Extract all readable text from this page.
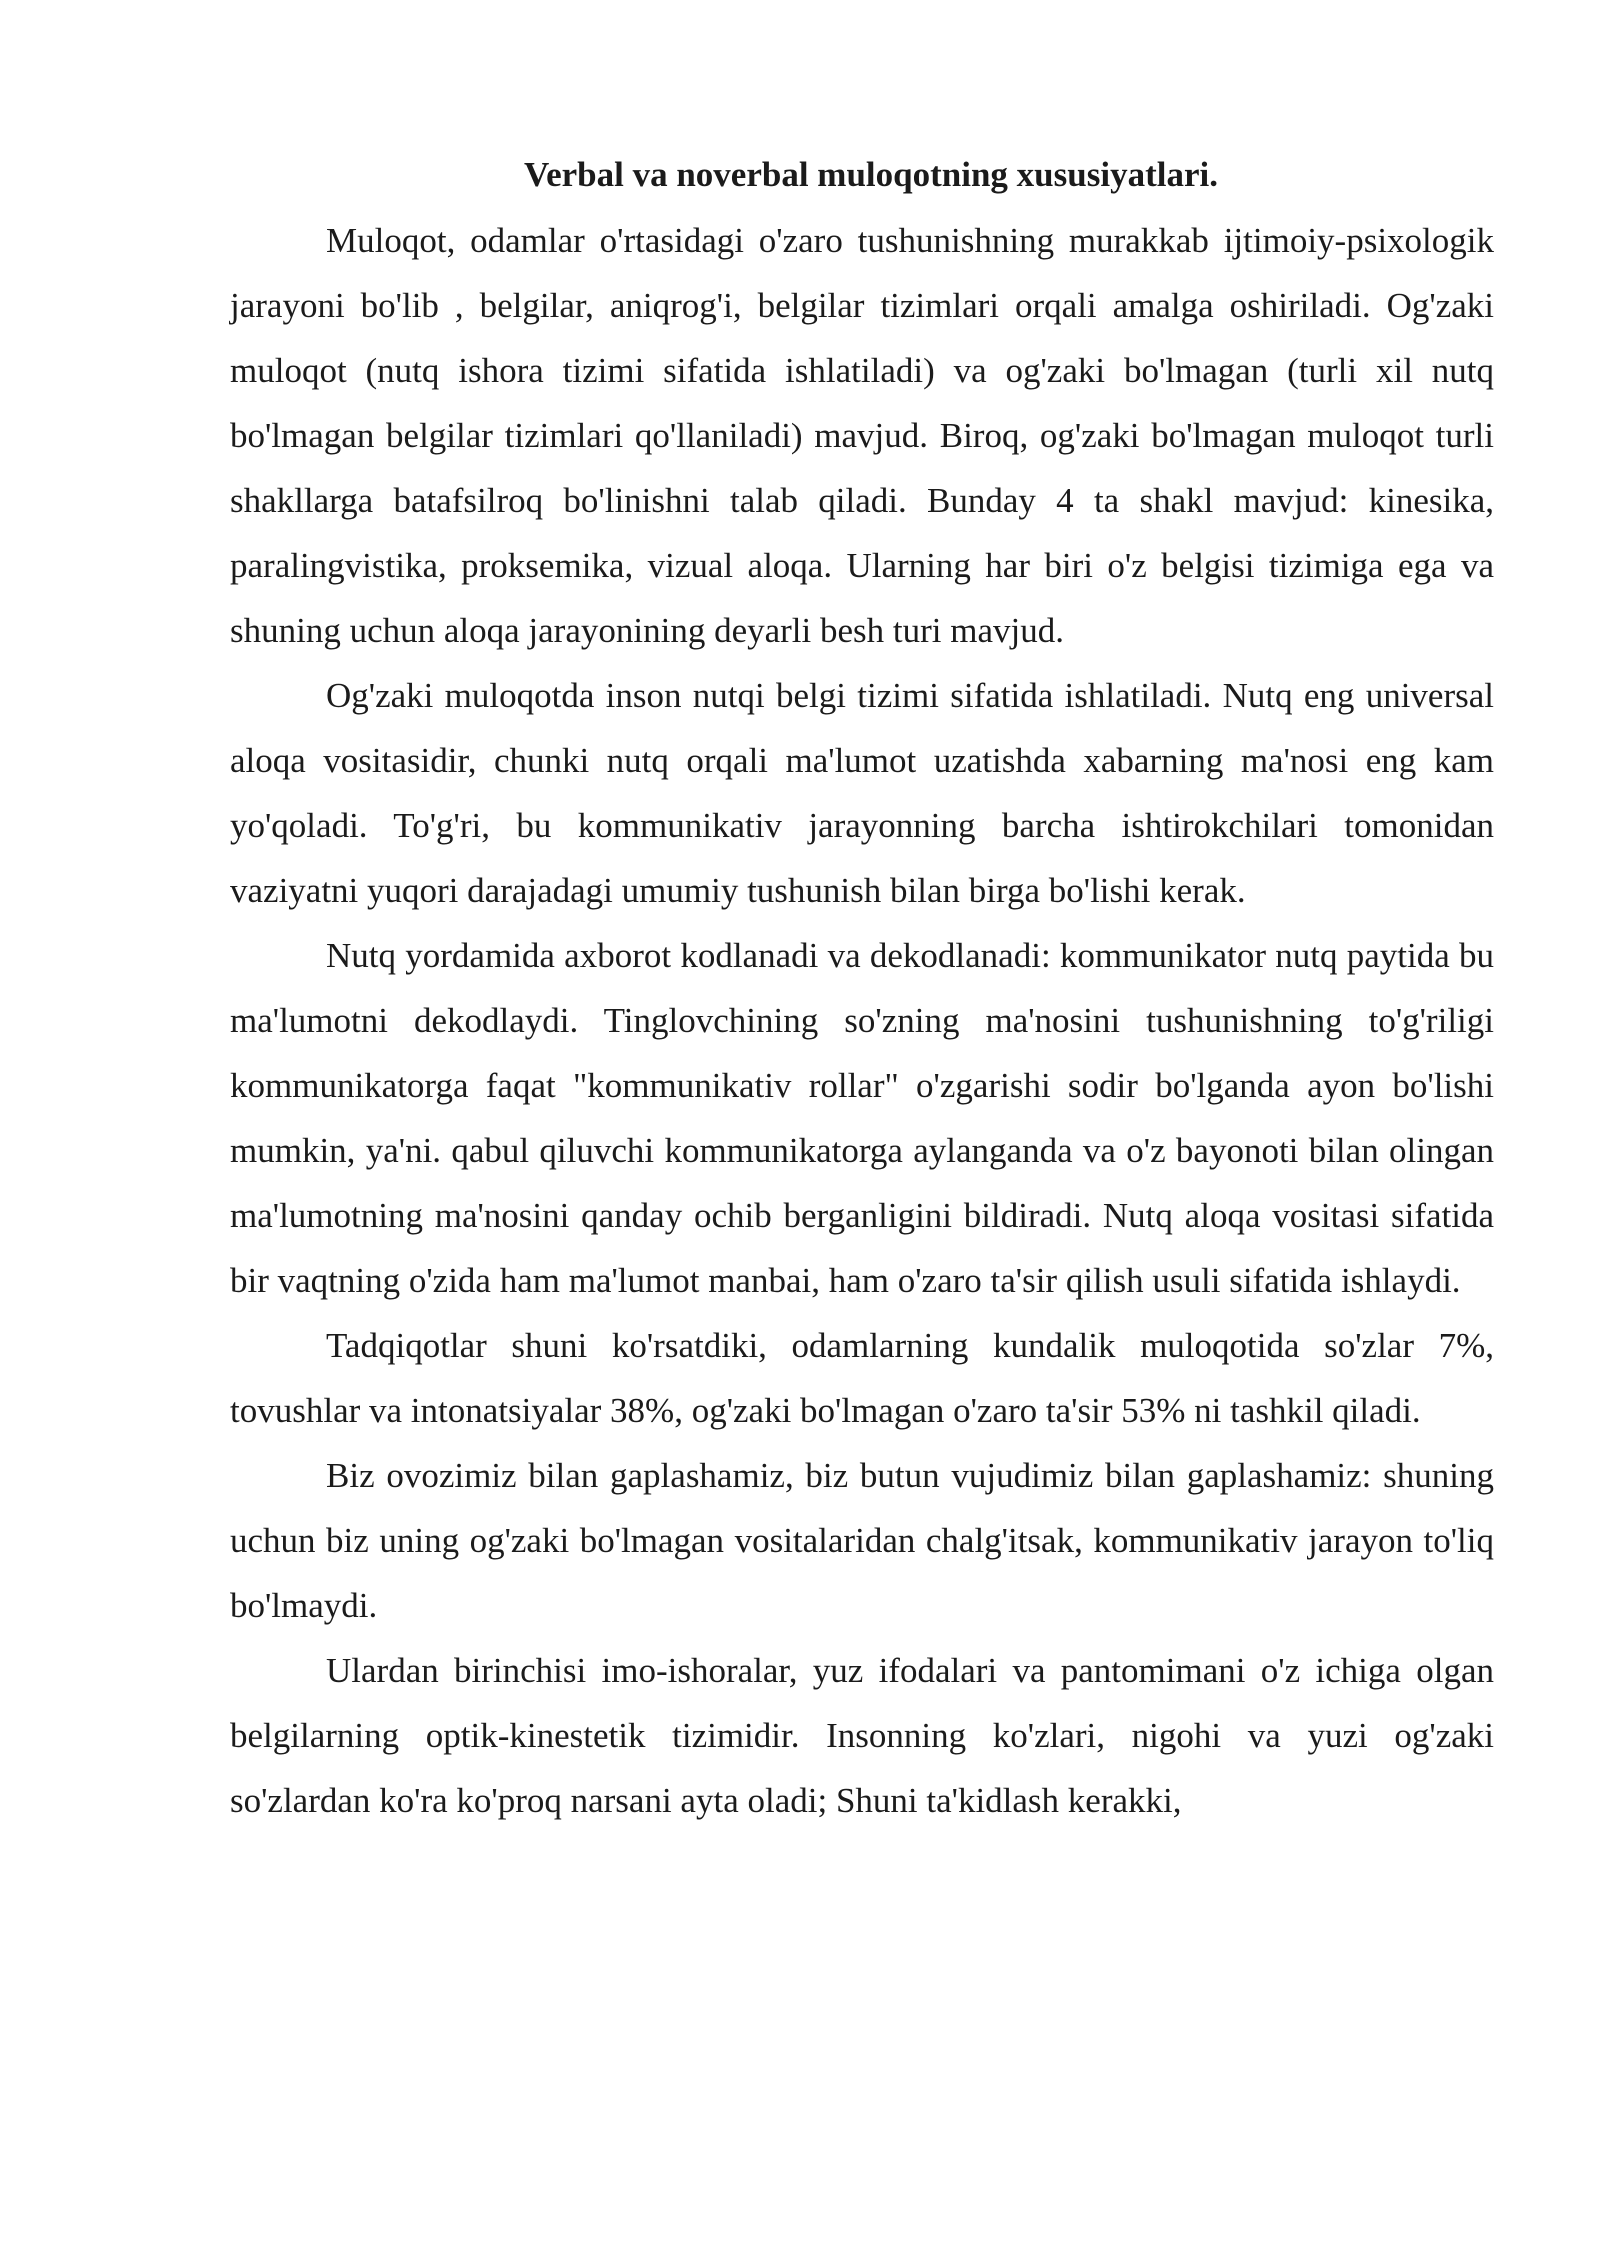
Verbal va noverbal muloqotning xususiyatlari.

Muloqot, odamlar o'rtasidagi o'zaro tushunishning murakkab ijtimoiy-psixologik jarayoni bo'lib , belgilar, aniqrog'i, belgilar tizimlari orqali amalga oshiriladi. Og'zaki muloqot (nutq ishora tizimi sifatida ishlatiladi) va og'zaki bo'lmagan (turli xil nutq bo'lmagan belgilar tizimlari qo'llaniladi) mavjud. Biroq, og'zaki bo'lmagan muloqot turli shakllarga batafsilroq bo'linishni talab qiladi. Bunday 4 ta shakl mavjud: kinesika, paralingvistika, proksemika, vizual aloqa. Ularning har biri o'z belgisi tizimiga ega va shuning uchun aloqa jarayonining deyarli besh turi mavjud.

Og'zaki muloqotda inson nutqi belgi tizimi sifatida ishlatiladi. Nutq eng universal aloqa vositasidir, chunki nutq orqali ma'lumot uzatishda xabarning ma'nosi eng kam yo'qoladi. To'g'ri, bu kommunikativ jarayonning barcha ishtirokchilari tomonidan vaziyatni yuqori darajadagi umumiy tushunish bilan birga bo'lishi kerak.

Nutq yordamida axborot kodlanadi va dekodlanadi: kommunikator nutq paytida bu ma'lumotni dekodlaydi. Tinglovchining so'zning ma'nosini tushunishning to'g'riligi kommunikatorga faqat "kommunikativ rollar" o'zgarishi sodir bo'lganda ayon bo'lishi mumkin, ya'ni. qabul qiluvchi kommunikatorga aylanganda va o'z bayonoti bilan olingan ma'lumotning ma'nosini qanday ochib berganligini bildiradi. Nutq aloqa vositasi sifatida bir vaqtning o'zida ham ma'lumot manbai, ham o'zaro ta'sir qilish usuli sifatida ishlaydi.

Tadqiqotlar shuni ko'rsatdiki, odamlarning kundalik muloqotida so'zlar 7%, tovushlar va intonatsiyalar 38%, og'zaki bo'lmagan o'zaro ta'sir 53% ni tashkil qiladi.

Biz ovozimiz bilan gaplashamiz, biz butun vujudimiz bilan gaplashamiz: shuning uchun biz uning og'zaki bo'lmagan vositalaridan chalg'itsak, kommunikativ jarayon to'liq bo'lmaydi.

Ulardan birinchisi imo-ishoralar, yuz ifodalari va pantomimani o'z ichiga olgan belgilarning optik-kinestetik tizimidir. Insonning ko'zlari, nigohi va yuzi og'zaki so'zlardan ko'ra ko'proq narsani ayta oladi; Shuni ta'kidlash kerakki,
